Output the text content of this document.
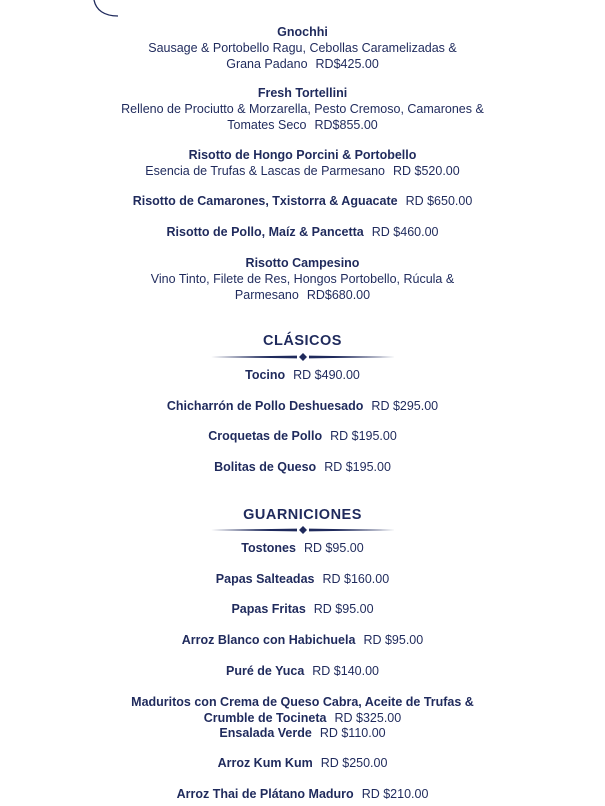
Gnochhi
Sausage & Portobello Ragu, Cebollas Caramelizadas &
Grana Padano RD$425.00
Fresh Tortellini
Relleno de Prociutto & Morzarella, Pesto Cremoso, Camarones &
Tomates Seco RD$855.00
Risotto de Hongo Porcini & Portobello
Esencia de Trufas & Lascas de Parmesano RD $520.00
Risotto de Camarones, Txistorra & Aguacate RD $650.00
Risotto de Pollo, Maíz & Pancetta RD $460.00
Risotto Campesino
Vino Tinto, Filete de Res, Hongos Portobello, Rúcula &
Parmesano RD$680.00
CLÁSICOS
Tocino RD $490.00
Chicharrón de Pollo Deshuesado RD $295.00
Croquetas de Pollo RD $195.00
Bolitas de Queso RD $195.00
GUARNICIONES
Tostones RD $95.00
Papas Salteadas RD $160.00
Papas Fritas RD $95.00
Arroz Blanco con Habichuela RD $95.00
Puré de Yuca RD $140.00
Maduritos con Crema de Queso Cabra, Aceite de Trufas &
Crumble de Tocineta RD $325.00
Ensalada Verde RD $110.00
Arroz Kum Kum RD $250.00
Arroz Thai de Plátano Maduro RD $210.00
